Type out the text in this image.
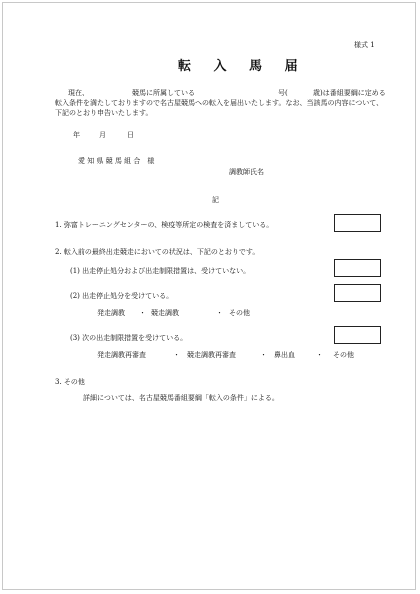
様式 1
転 入 馬 届
現在、	競馬に所属している	号(	歳)は番組要綱に定める
転入条件を満たしておりますので名古屋競馬への転入を届出いたします。なお、当該馬の内容について、
下記のとおり申告いたします。
年	月	日
愛 知 県 競 馬 組 合　様
調教師氏名
記
1. 弥富トレーニングセンターの、検疫等所定の検査を済ましている。
2. 転入前の最終出走競走においての状況は、下記のとおりです。
(1) 出走停止処分および出走制限措置は、受けていない。
(2) 出走停止処分を受けている。
発走調教 ・ 競走調教	・ その他
(3) 次の出走制限措置を受けている。
発走調教再審査	・ 競走調教再審査	・ 鼻出血	・ その他
3. その他
詳細については、名古屋競馬番組要綱「転入の条件」による。
